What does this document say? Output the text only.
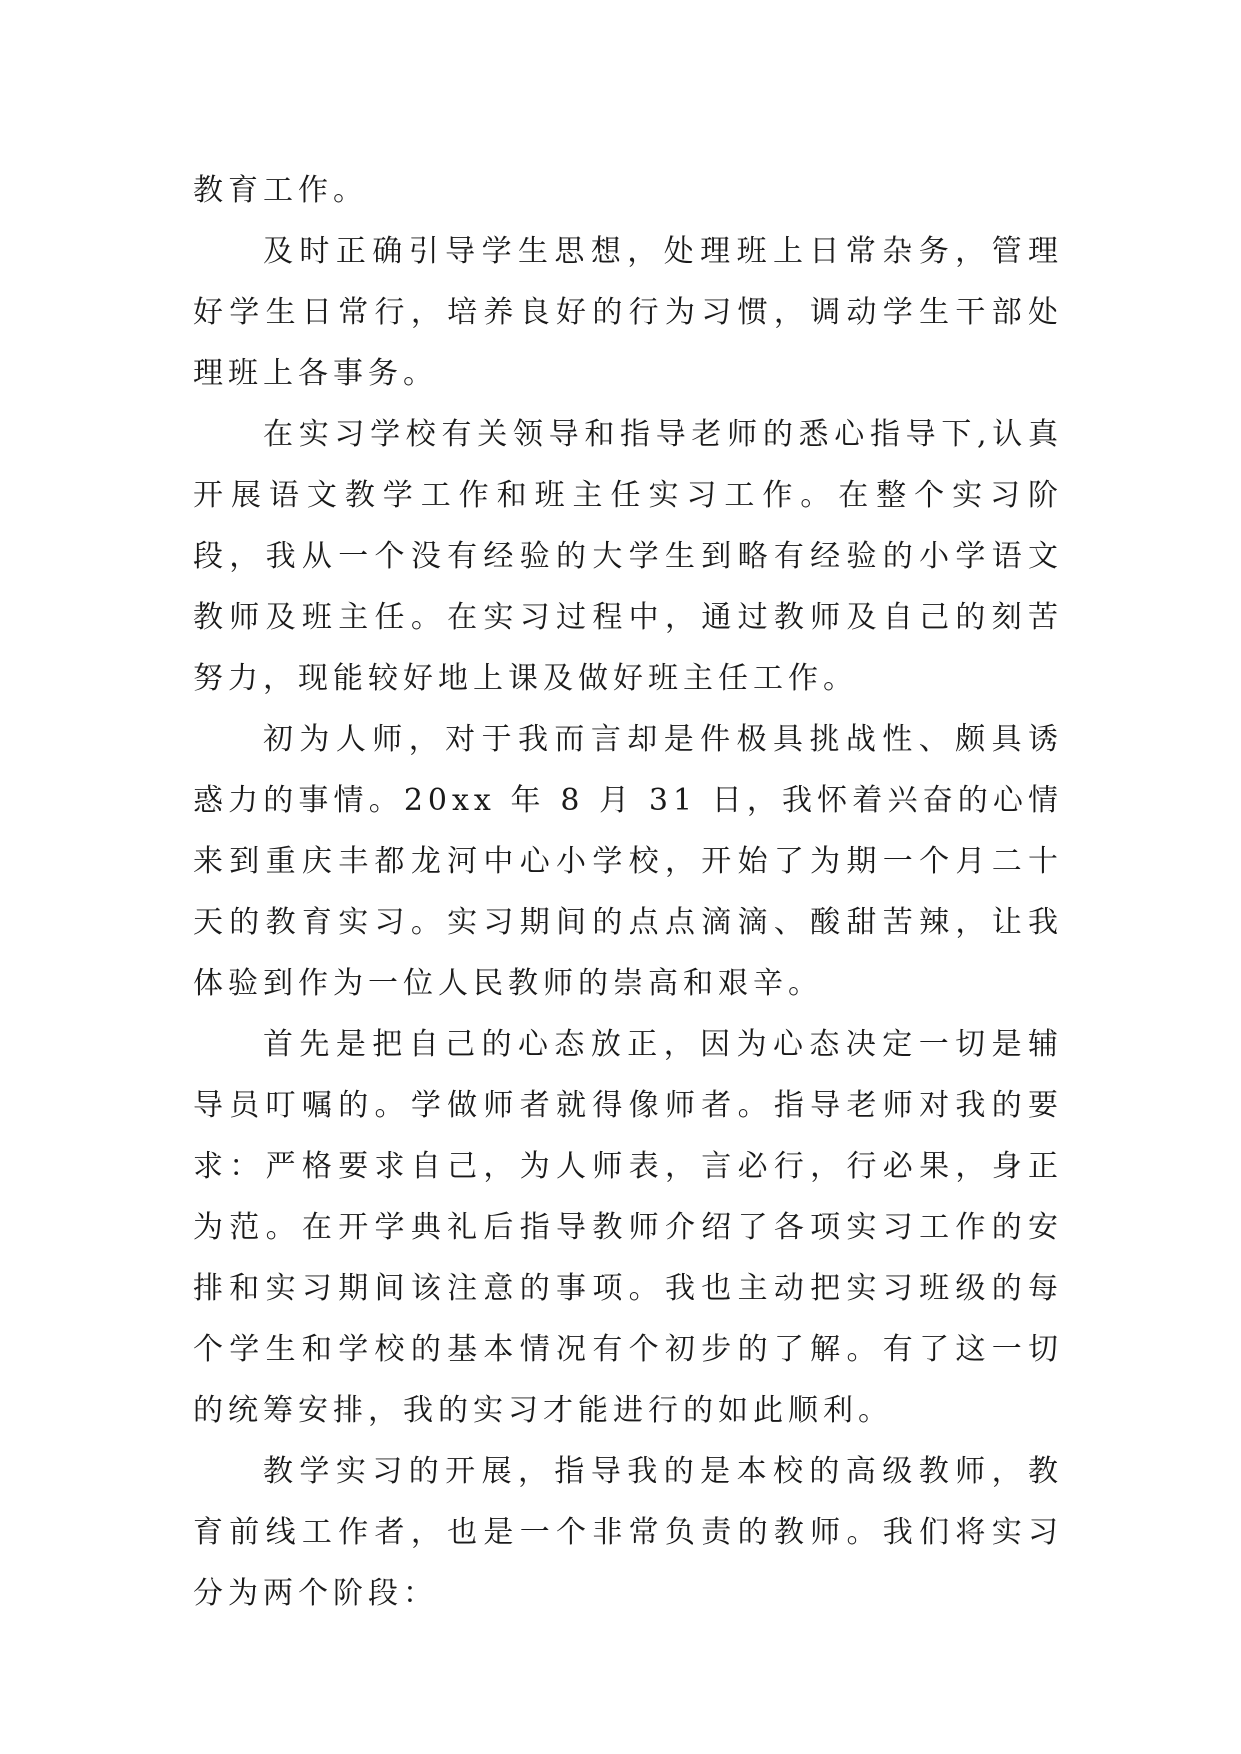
教育工作。

及时正确引导学生思想，处理班上日常杂务，管理好学生日常行，培养良好的行为习惯，调动学生干部处理班上各事务。

在实习学校有关领导和指导老师的悉心指导下,认真开展语文教学工作和班主任实习工作。在整个实习阶段，我从一个没有经验的大学生到略有经验的小学语文教师及班主任。在实习过程中，通过教师及自己的刻苦努力，现能较好地上课及做好班主任工作。

初为人师，对于我而言却是件极具挑战性、颇具诱惑力的事情。20xx 年 8 月 31 日，我怀着兴奋的心情来到重庆丰都龙河中心小学校，开始了为期一个月二十天的教育实习。实习期间的点点滴滴、酸甜苦辣，让我体验到作为一位人民教师的崇高和艰辛。

首先是把自己的心态放正，因为心态决定一切是辅导员叮嘱的。学做师者就得像师者。指导老师对我的要求：严格要求自己，为人师表，言必行，行必果，身正为范。在开学典礼后指导教师介绍了各项实习工作的安排和实习期间该注意的事项。我也主动把实习班级的每个学生和学校的基本情况有个初步的了解。有了这一切的统筹安排，我的实习才能进行的如此顺利。

教学实习的开展，指导我的是本校的高级教师，教育前线工作者，也是一个非常负责的教师。我们将实习分为两个阶段：
